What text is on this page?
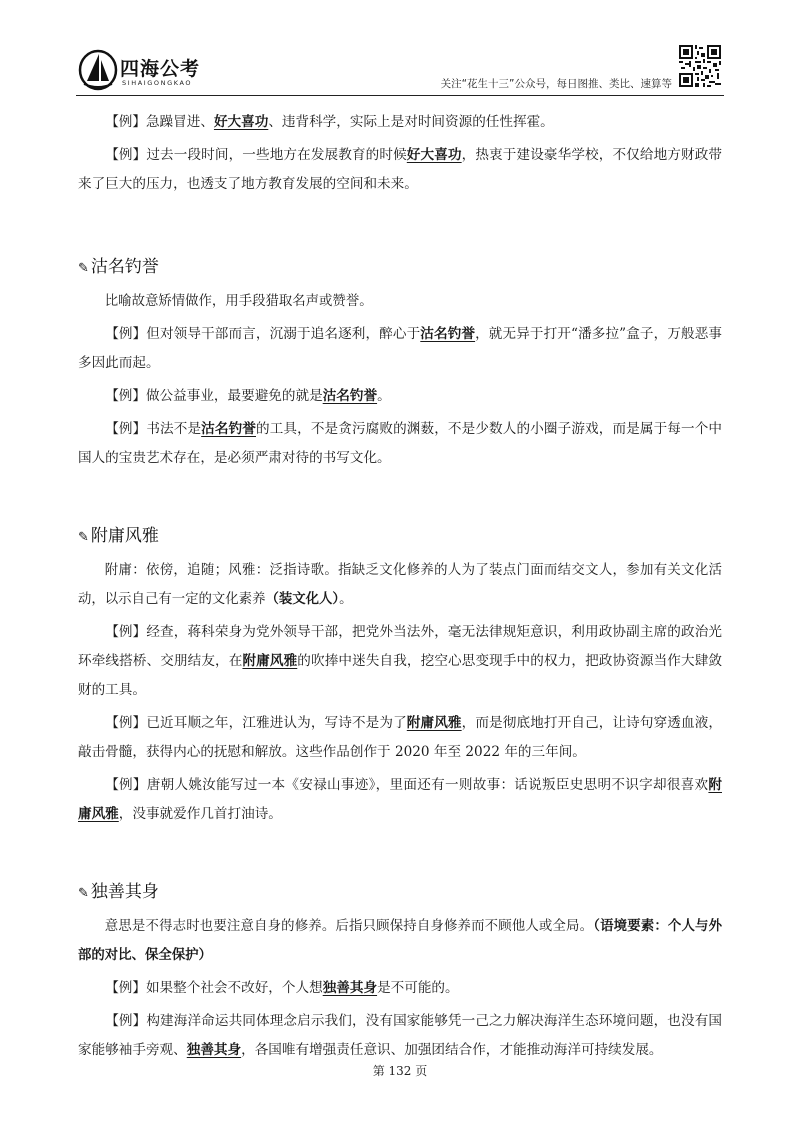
四海公考
SIHAIGONGKAO	关注“花生十三”公众号，每日图推、类比、速算等

【例】急躁冒进、好大喜功、违背科学，实际上是对时间资源的任性挥霍。

【例】过去一段时间，一些地方在发展教育的时候好大喜功，热衷于建设豪华学校，不仅给地方财政带来了巨大的压力，也透支了地方教育发展的空间和未来。

✎ 沽名钓誉

比喻故意矫情做作，用手段猎取名声或赞誉。

【例】但对领导干部而言，沉溺于追名逐利，醉心于沽名钓誉，就无异于打开“潘多拉”盒子，万般恶事多因此而起。

【例】做公益事业，最要避免的就是沽名钓誉。

【例】书法不是沽名钓誉的工具，不是贪污腐败的渊薮，不是少数人的小圈子游戏，而是属于每一个中国人的宝贵艺术存在，是必须严肃对待的书写文化。

✎ 附庸风雅

附庸：依傍，追随；风雅：泛指诗歌。指缺乏文化修养的人为了装点门面而结交文人，参加有关文化活动，以示自己有一定的文化素养（装文化人）。

【例】经查，蒋科荣身为党外领导干部，把党外当法外，毫无法律规矩意识，利用政协副主席的政治光环牵线搭桥、交朋结友，在附庸风雅的吹捧中迷失自我，挖空心思变现手中的权力，把政协资源当作大肆敛财的工具。

【例】已近耳顺之年，江雅进认为，写诗不是为了附庸风雅，而是彻底地打开自己，让诗句穿透血液，敲击骨髓，获得内心的抚慰和解放。这些作品创作于 2020 年至 2022 年的三年间。

【例】唐朝人姚汝能写过一本《安禄山事迹》，里面还有一则故事：话说叛臣史思明不识字却很喜欢附庸风雅，没事就爱作几首打油诗。

✎ 独善其身

意思是不得志时也要注意自身的修养。后指只顾保持自身修养而不顾他人或全局。（语境要素：个人与外部的对比、保全保护）

【例】如果整个社会不改好，个人想独善其身是不可能的。

【例】构建海洋命运共同体理念启示我们，没有国家能够凭一己之力解决海洋生态环境问题，也没有国家能够袖手旁观、独善其身，各国唯有增强责任意识、加强团结合作，才能推动海洋可持续发展。

第 132 页
